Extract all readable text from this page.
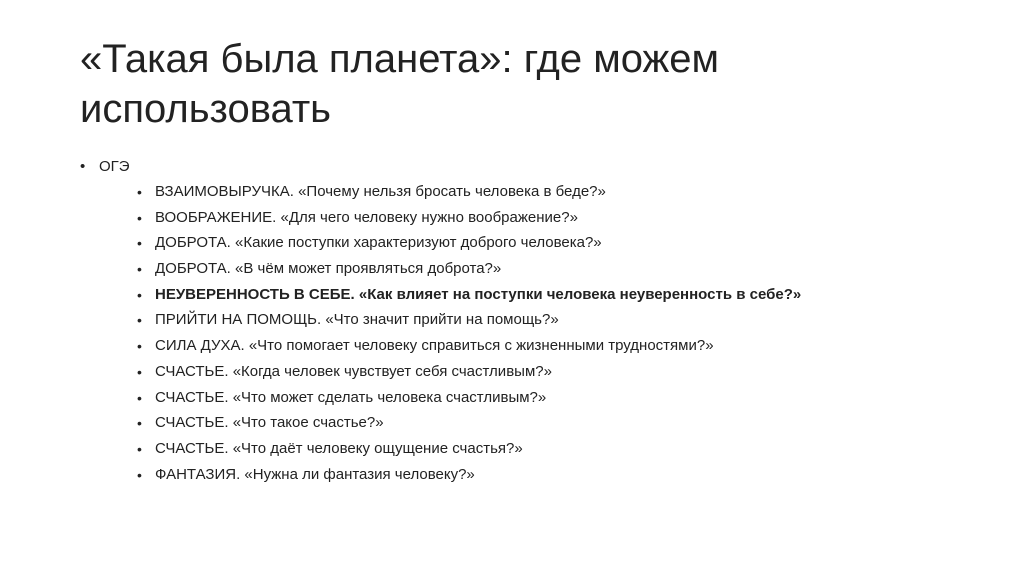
«Такая была планета»: где можем использовать
• ОГЭ
• ВЗАИМОВЫРУЧКА. «Почему нельзя бросать человека в беде?»
• ВООБРАЖЕНИЕ. «Для чего человеку нужно воображение?»
• ДОБРОТА. «Какие поступки характеризуют доброго человека?»
• ДОБРОТА. «В чём может проявляться доброта?»
• НЕУВЕРЕННОСТЬ В СЕБЕ. «Как влияет на поступки человека неуверенность в себе?»
• ПРИЙТИ НА ПОМОЩЬ. «Что значит прийти на помощь?»
• СИЛА ДУХА. «Что помогает человеку справиться с жизненными трудностями?»
• СЧАСТЬЕ. «Когда человек чувствует себя счастливым?»
• СЧАСТЬЕ. «Что может сделать человека счастливым?»
• СЧАСТЬЕ. «Что такое счастье?»
• СЧАСТЬЕ. «Что даёт человеку ощущение счастья?»
• ФАНТАЗИЯ. «Нужна ли фантазия человеку?»
